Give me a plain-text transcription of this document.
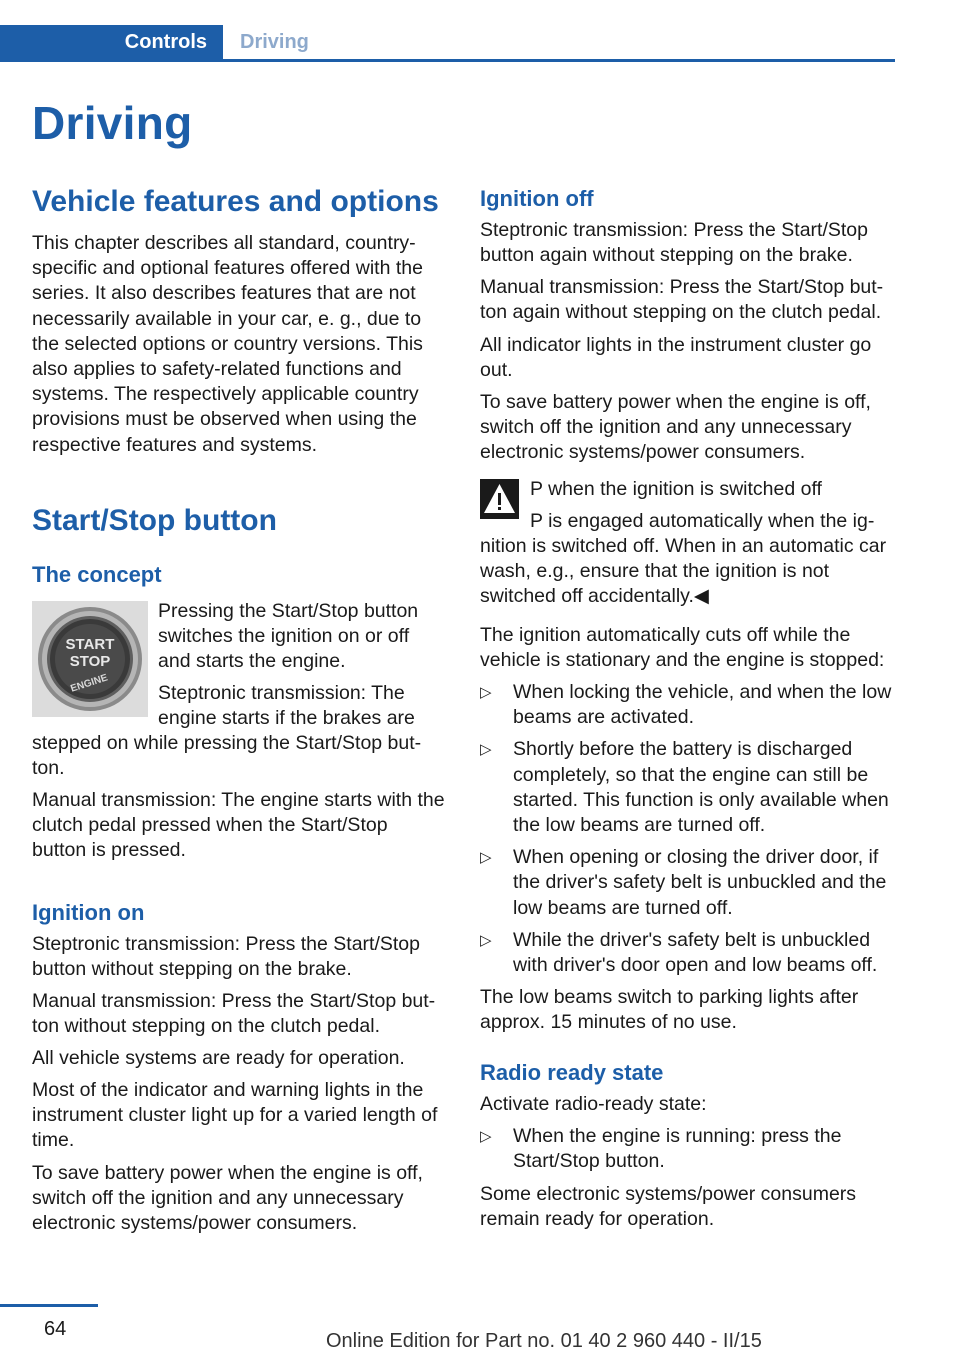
Controls	Driving
Driving
Vehicle features and options
This chapter describes all standard, country-specific and optional features offered with the series. It also describes features that are not necessarily available in your car, e. g., due to the selected options or country versions. This also applies to safety-related functions and systems. The respectively applicable country provisions must be observed when using the respective features and systems.
Start/Stop button
The concept
START
STOP
ENGINE
Pressing the Start/Stop button switches the ignition on or off and starts the engine.
Steptronic transmission: The engine starts if the brakes are
stepped on while pressing the Start/Stop but‐ton.
Manual transmission: The engine starts with the clutch pedal pressed when the Start/Stop button is pressed.
Ignition on
Steptronic transmission: Press the Start/Stop button without stepping on the brake.
Manual transmission: Press the Start/Stop but‐ton without stepping on the clutch pedal.
All vehicle systems are ready for operation.
Most of the indicator and warning lights in the instrument cluster light up for a varied length of time.
To save battery power when the engine is off, switch off the ignition and any unnecessary electronic systems/power consumers.
Ignition off
Steptronic transmission: Press the Start/Stop button again without stepping on the brake.
Manual transmission: Press the Start/Stop but‐ton again without stepping on the clutch pedal.
All indicator lights in the instrument cluster go out.
To save battery power when the engine is off, switch off the ignition and any unnecessary electronic systems/power consumers.
P when the ignition is switched off
P is engaged automatically when the ig‐
nition is switched off. When in an automatic car wash, e.g., ensure that the ignition is not switched off accidentally.◀
The ignition automatically cuts off while the vehicle is stationary and the engine is stopped:
▷ When locking the vehicle, and when the low beams are activated.
▷ Shortly before the battery is discharged completely, so that the engine can still be started. This function is only available when the low beams are turned off.
▷ When opening or closing the driver door, if the driver's safety belt is unbuckled and the low beams are turned off.
▷ While the driver's safety belt is unbuckled with driver's door open and low beams off.
The low beams switch to parking lights after approx. 15 minutes of no use.
Radio ready state
Activate radio-ready state:
▷ When the engine is running: press the Start/Stop button.
Some electronic systems/power consumers remain ready for operation.
64
Online Edition for Part no. 01 40 2 960 440 - II/15
